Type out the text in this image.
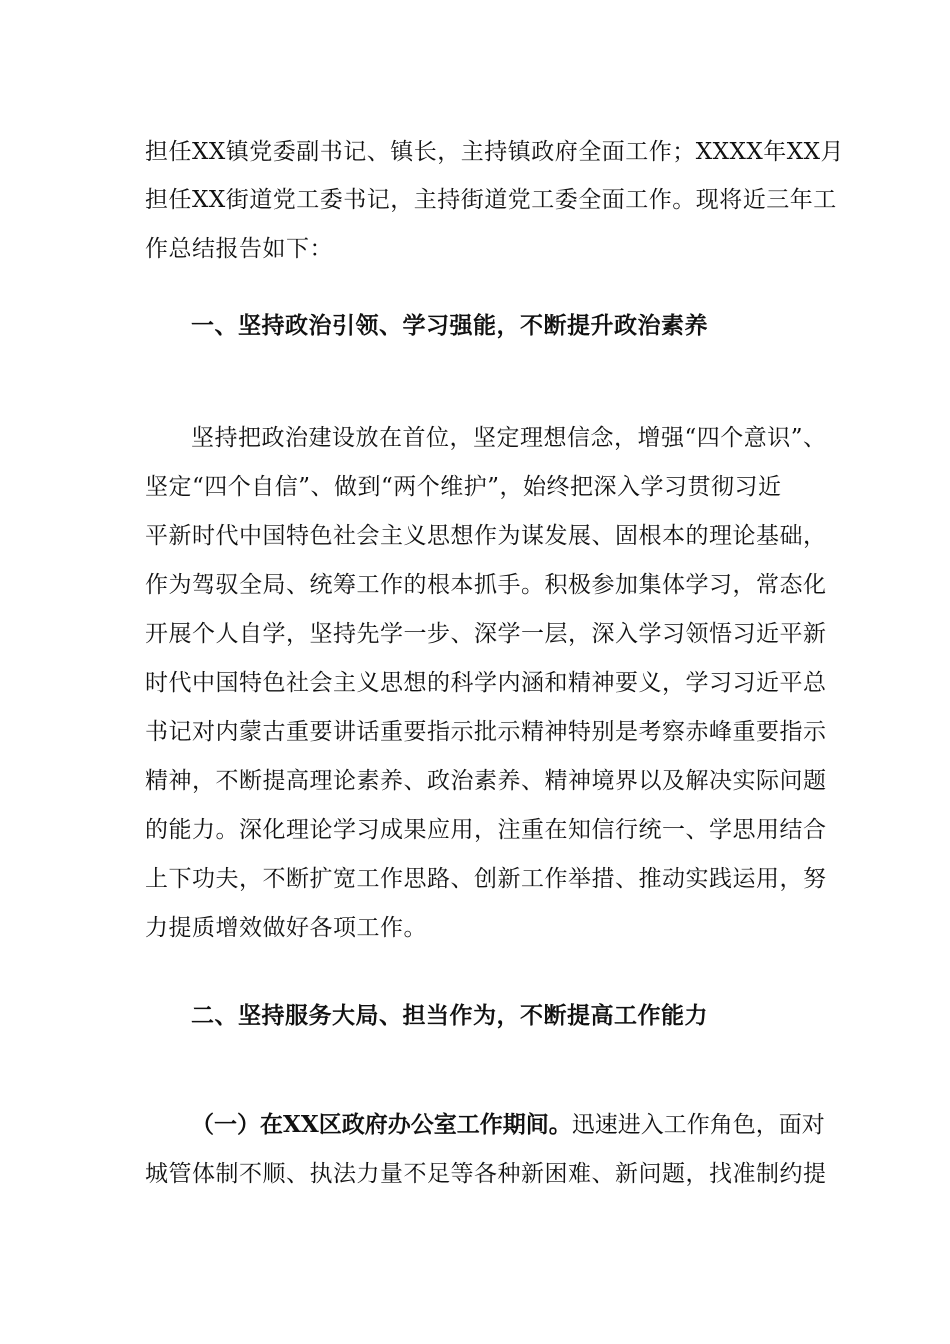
担任XX镇党委副书记、镇长，主持镇政府全面工作；XXXX年XX月
担任XX街道党工委书记，主持街道党工委全面工作。现将近三年工
作总结报告如下：
一、坚持政治引领、学习强能，不断提升政治素养
坚持把政治建设放在首位，坚定理想信念，增强“四个意识”、
坚定“四个自信”、做到“两个维护”，始终把深入学习贯彻习近
平新时代中国特色社会主义思想作为谋发展、固根本的理论基础，
作为驾驭全局、统筹工作的根本抓手。积极参加集体学习，常态化
开展个人自学，坚持先学一步、深学一层，深入学习领悟习近平新
时代中国特色社会主义思想的科学内涵和精神要义，学习习近平总
书记对内蒙古重要讲话重要指示批示精神特别是考察赤峰重要指示
精神，不断提高理论素养、政治素养、精神境界以及解决实际问题
的能力。深化理论学习成果应用，注重在知信行统一、学思用结合
上下功夫，不断扩宽工作思路、创新工作举措、推动实践运用，努
力提质增效做好各项工作。
二、坚持服务大局、担当作为，不断提高工作能力
（一）在XX区政府办公室工作期间。迅速进入工作角色，面对
城管体制不顺、执法力量不足等各种新困难、新问题，找准制约提
